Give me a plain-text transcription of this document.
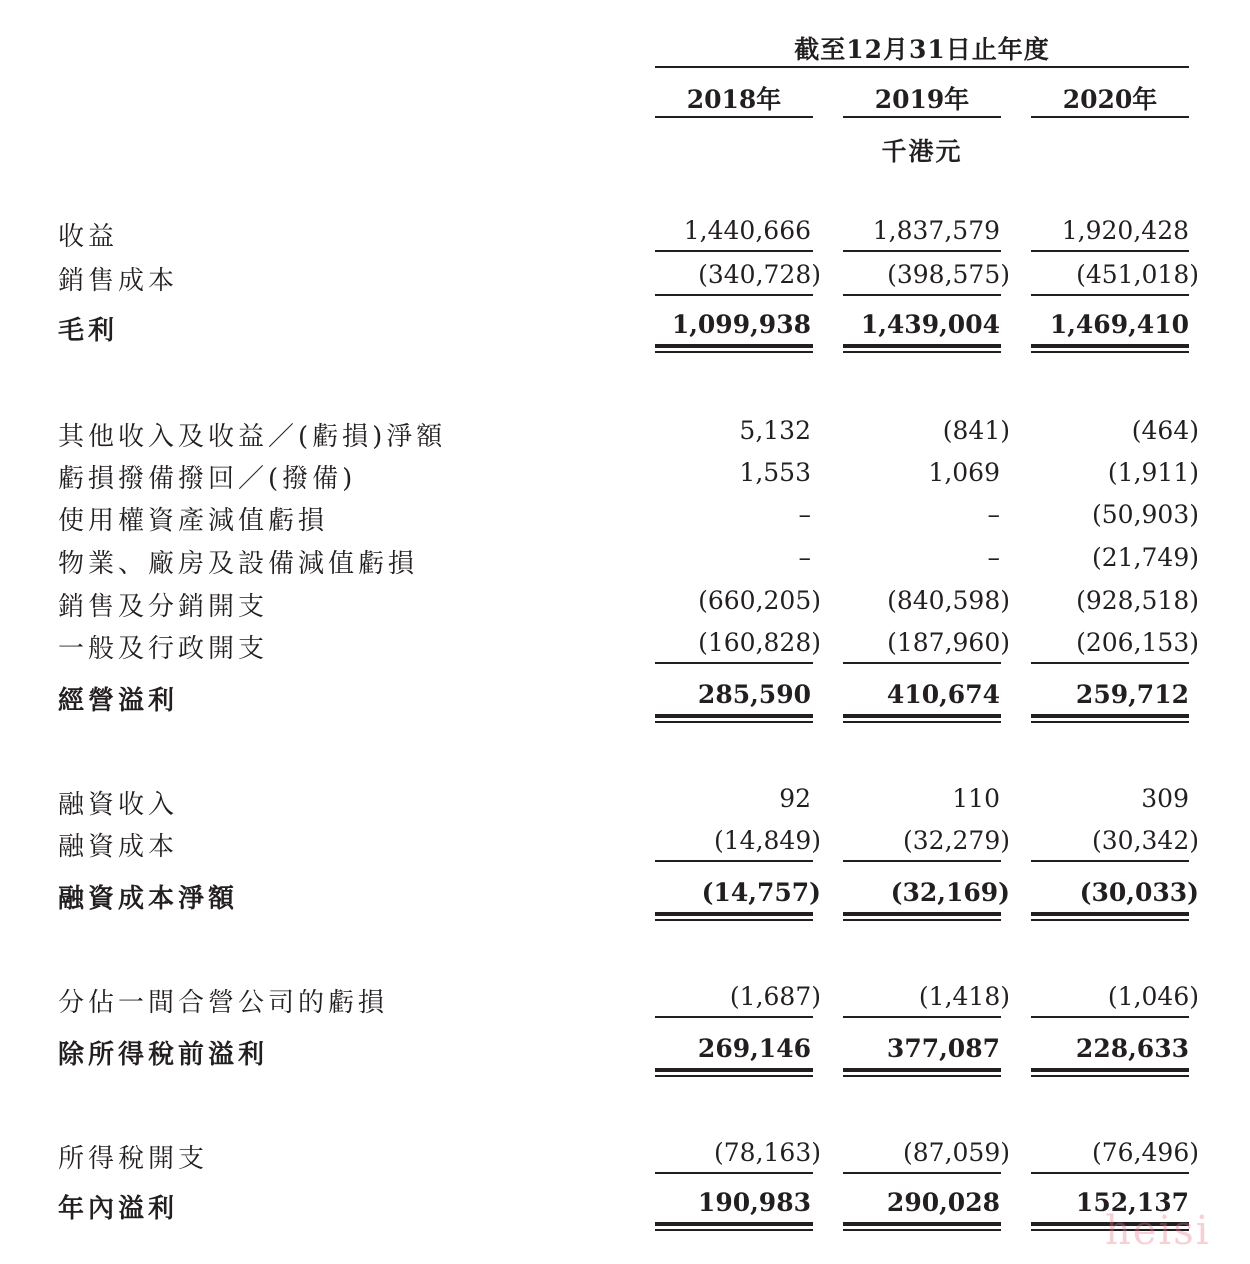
截至12月31日止年度
2018年	2019年	2020年
千港元
收益	1,440,666 1,837,579 1,920,428
銷售成本	(340,728)	(398,575)	(451,018)
毛利	1,099,938 1,439,004 1,469,410
其他收入及收益／(虧損)淨額	5,132	(841)	(464)
虧損撥備撥回／(撥備)	1,553	1,069	(1,911)
使用權資產減值虧損	–	–	(50,903)
物業、廠房及設備減值虧損	–	–	(21,749)
銷售及分銷開支	(660,205)	(840,598)	(928,518)
一般及行政開支	(160,828)	(187,960)	(206,153)
經營溢利	285,590	410,674	259,712
融資收入	92	110	309
融資成本	(14,849)	(32,279)	(30,342)
融資成本淨額	(14,757)	(32,169)	(30,033)
分佔一間合營公司的虧損	(1,687)	(1,418)	(1,046)
除所得稅前溢利	269,146	377,087	228,633
所得稅開支	(78,163)	(87,059)	(76,496)
年內溢利	190,983	290,028	152,137
heisi
